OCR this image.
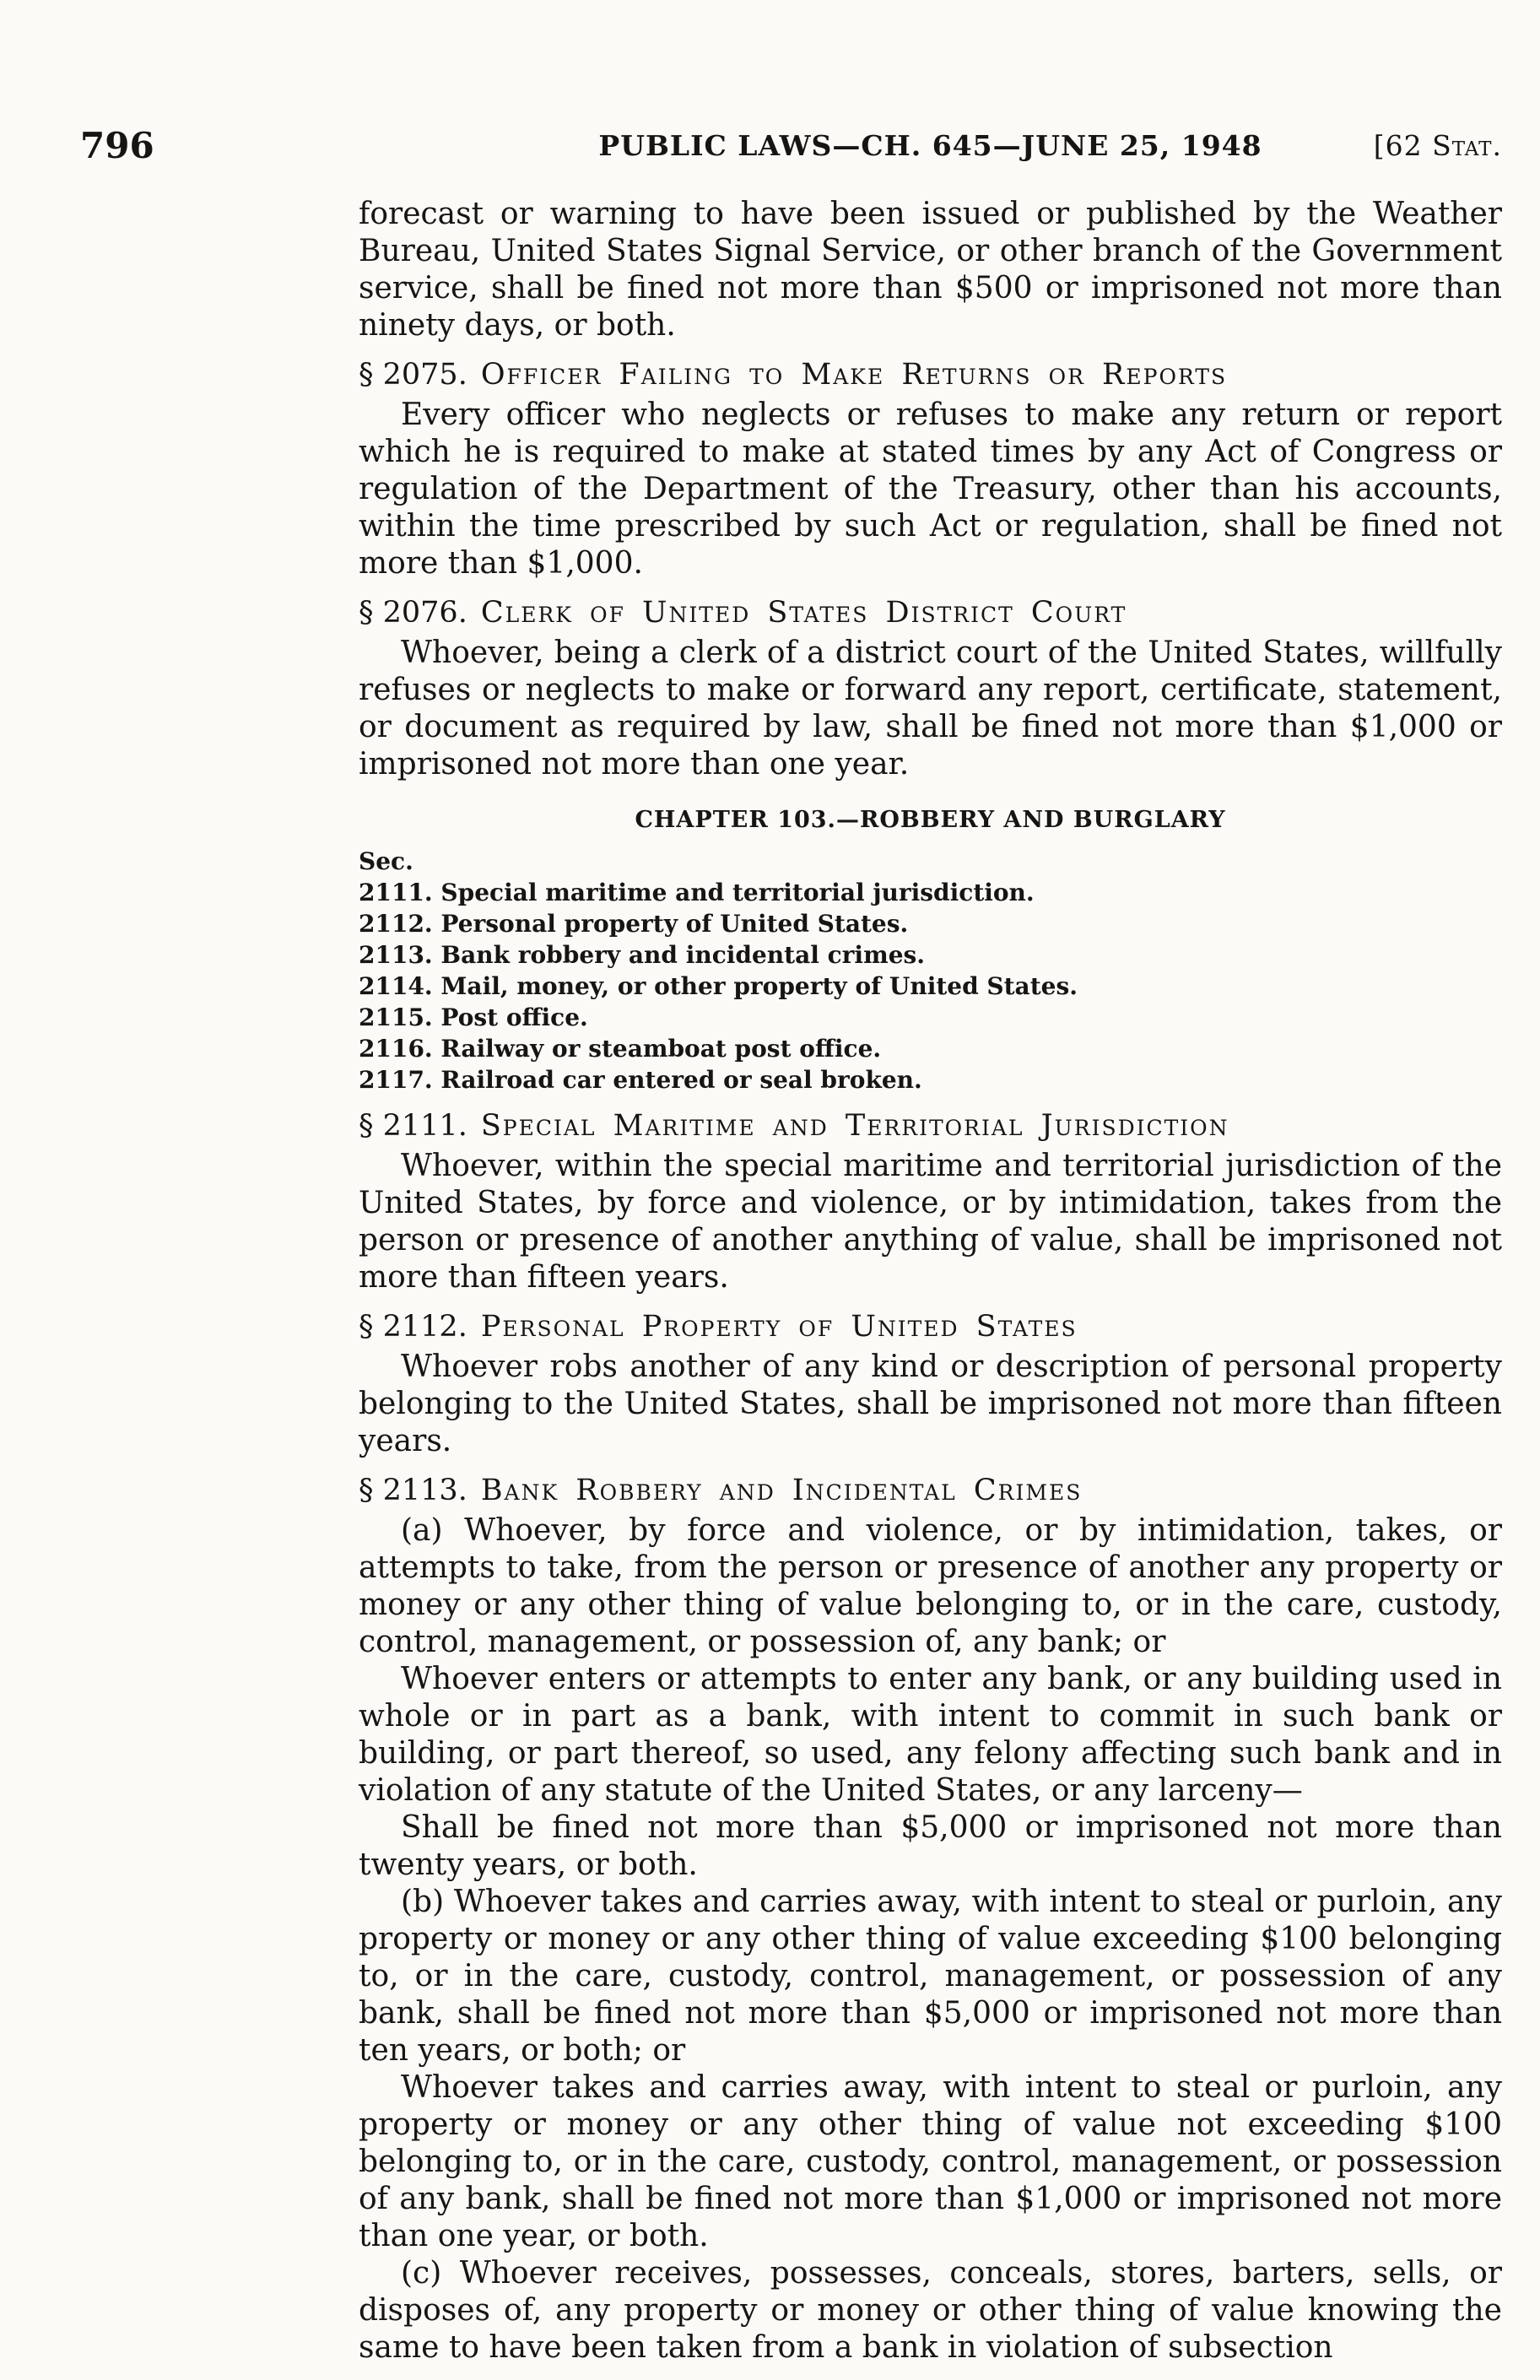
796	PUBLIC LAWS—CH. 645—JUNE 25, 1948	[62 Stat.

forecast or warning to have been issued or published by the Weather Bureau, United States Signal Service, or other branch of the Government service, shall be fined not more than $500 or imprisoned not more than ninety days, or both.

§ 2075. Officer Failing to Make Returns or Reports

Every officer who neglects or refuses to make any return or report which he is required to make at stated times by any Act of Congress or regulation of the Department of the Treasury, other than his accounts, within the time prescribed by such Act or regulation, shall be fined not more than $1,000.

§ 2076. Clerk of United States District Court

Whoever, being a clerk of a district court of the United States, willfully refuses or neglects to make or forward any report, certificate, statement, or document as required by law, shall be fined not more than $1,000 or imprisoned not more than one year.

CHAPTER 103.—ROBBERY AND BURGLARY
Sec.
2111. Special maritime and territorial jurisdiction.
2112. Personal property of United States.
2113. Bank robbery and incidental crimes.
2114. Mail, money, or other property of United States.
2115. Post office.
2116. Railway or steamboat post office.
2117. Railroad car entered or seal broken.
§ 2111. Special Maritime and Territorial Jurisdiction

Whoever, within the special maritime and territorial jurisdiction of the United States, by force and violence, or by intimidation, takes from the person or presence of another anything of value, shall be imprisoned not more than fifteen years.

§ 2112. Personal Property of United States

Whoever robs another of any kind or description of personal property belonging to the United States, shall be imprisoned not more than fifteen years.

§ 2113. Bank Robbery and Incidental Crimes

(a) Whoever, by force and violence, or by intimidation, takes, or attempts to take, from the person or presence of another any property or money or any other thing of value belonging to, or in the care, custody, control, management, or possession of, any bank; or

Whoever enters or attempts to enter any bank, or any building used in whole or in part as a bank, with intent to commit in such bank or building, or part thereof, so used, any felony affecting such bank and in violation of any statute of the United States, or any larceny—

Shall be fined not more than $5,000 or imprisoned not more than twenty years, or both.

(b) Whoever takes and carries away, with intent to steal or purloin, any property or money or any other thing of value exceeding $100 belonging to, or in the care, custody, control, management, or possession of any bank, shall be fined not more than $5,000 or imprisoned not more than ten years, or both; or

Whoever takes and carries away, with intent to steal or purloin, any property or money or any other thing of value not exceeding $100 belonging to, or in the care, custody, control, management, or possession of any bank, shall be fined not more than $1,000 or imprisoned not more than one year, or both.

(c) Whoever receives, possesses, conceals, stores, barters, sells, or disposes of, any property or money or other thing of value knowing the same to have been taken from a bank in violation of subsection
